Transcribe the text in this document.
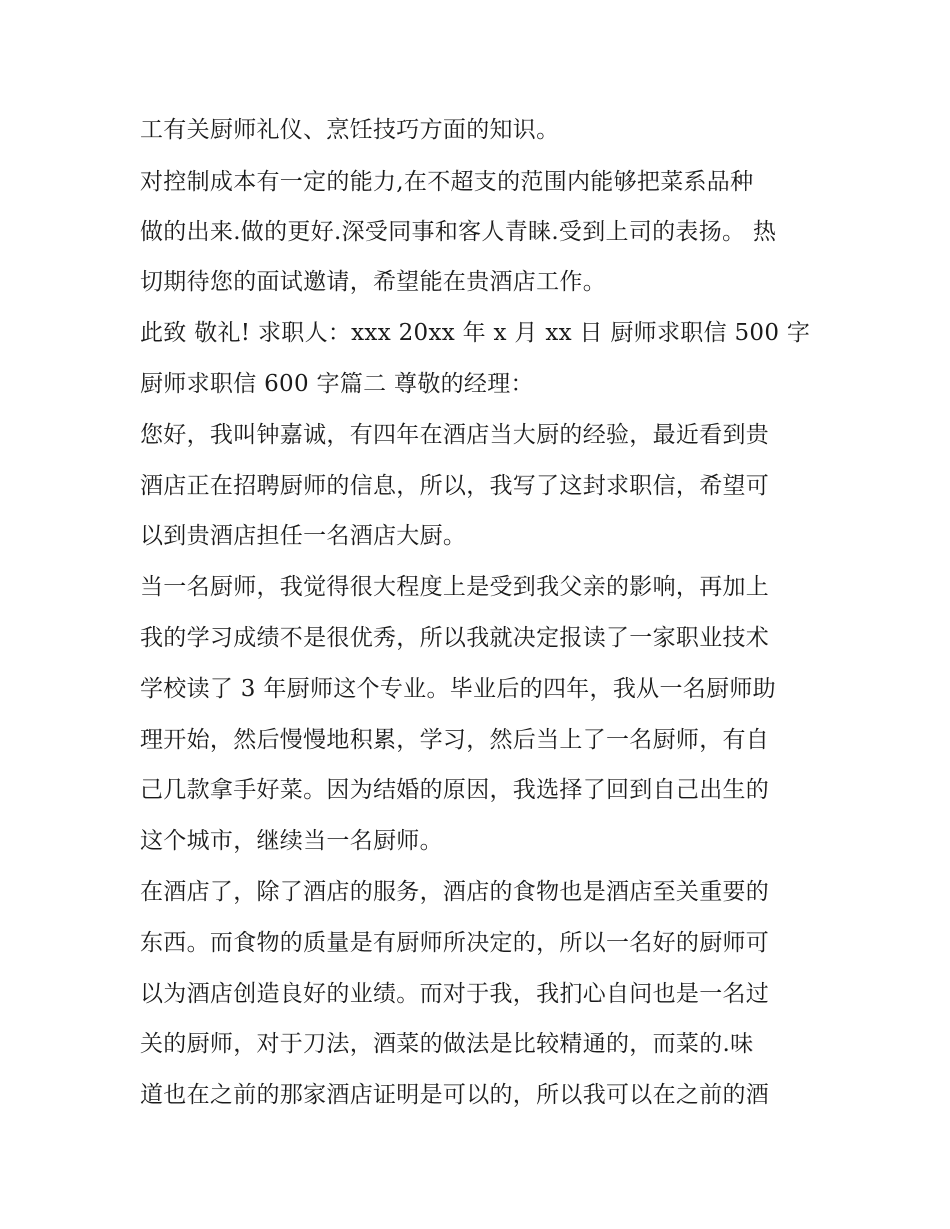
工有关厨师礼仪、烹饪技巧方面的知识。
对控制成本有一定的能力,在不超支的范围内能够把菜系品种
做的出来.做的更好.深受同事和客人青睐.受到上司的表扬。 热
切期待您的面试邀请，希望能在贵酒店工作。
此致 敬礼! 求职人：xxx 20xx 年 x 月 xx 日 厨师求职信 500 字
厨师求职信 600 字篇二 尊敬的经理：
您好，我叫钟嘉诚，有四年在酒店当大厨的经验，最近看到贵
酒店正在招聘厨师的信息，所以，我写了这封求职信，希望可
以到贵酒店担任一名酒店大厨。
当一名厨师，我觉得很大程度上是受到我父亲的影响，再加上
我的学习成绩不是很优秀，所以我就决定报读了一家职业技术
学校读了 3 年厨师这个专业。毕业后的四年，我从一名厨师助
理开始，然后慢慢地积累，学习，然后当上了一名厨师，有自
己几款拿手好菜。因为结婚的原因，我选择了回到自己出生的
这个城市，继续当一名厨师。
在酒店了，除了酒店的服务，酒店的食物也是酒店至关重要的
东西。而食物的质量是有厨师所决定的，所以一名好的厨师可
以为酒店创造良好的业绩。而对于我，我扪心自问也是一名过
关的厨师，对于刀法，酒菜的做法是比较精通的，而菜的.味
道也在之前的那家酒店证明是可以的，所以我可以在之前的酒
